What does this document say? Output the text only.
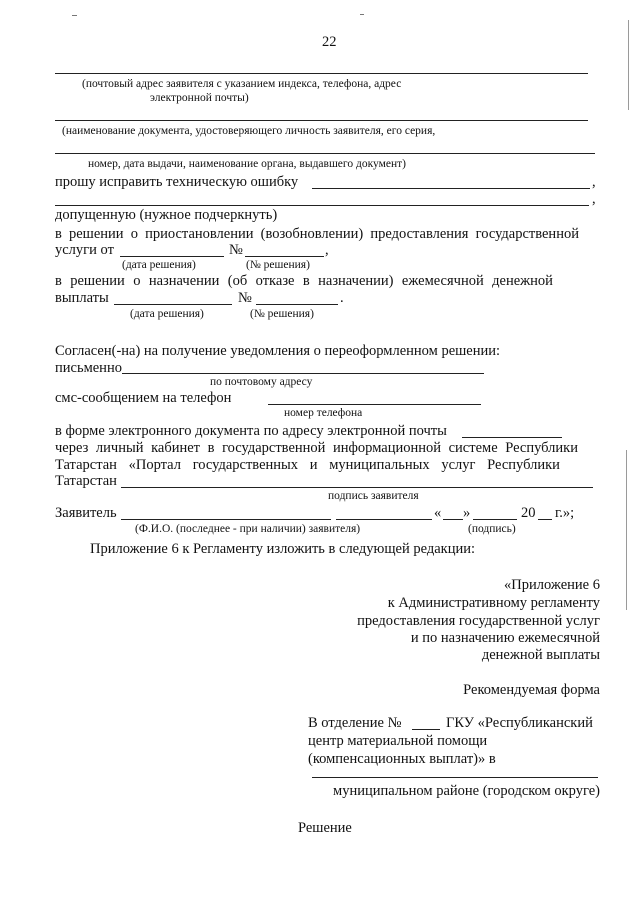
22
(почтовый адрес заявителя с указанием индекса, телефона, адрес
электронной почты)
(наименование документа, удостоверяющего личность заявителя, его серия,
номер, дата выдачи, наименование органа, выдавшего документ)
прошу исправить техническую ошибку	,
,
допущенную (нужное подчеркнуть)
в решении о приостановлении (возобновлении) предоставления государственной
услуги от	№	,
(дата решения)	(№ решения)
в решении о назначении (об отказе в назначении) ежемесячной денежной
выплаты	№	.
(дата решения)	(№ решения)
Согласен(-на) на получение уведомления о переоформленном решении:
письменно
по почтовому адресу
смс-сообщением на телефон
номер телефона
в форме электронного документа по адресу электронной почты
через личный кабинет в государственной информационной системе Республики
Татарстан «Портал государственных и муниципальных услуг Республики
Татарстан
подпись заявителя
Заявитель	« »	20 г.»;
(Ф.И.О. (последнее - при наличии) заявителя)	(подпись)
Приложение 6 к Регламенту изложить в следующей редакции:
«Приложение 6
к Административному регламенту
предоставления государственной услуг
и по назначению ежемесячной
денежной выплаты
Рекомендуемая форма
В отделение №	ГКУ «Республиканский
центр материальной помощи
(компенсационных выплат)» в
муниципальном районе (городском округе)
Решение
